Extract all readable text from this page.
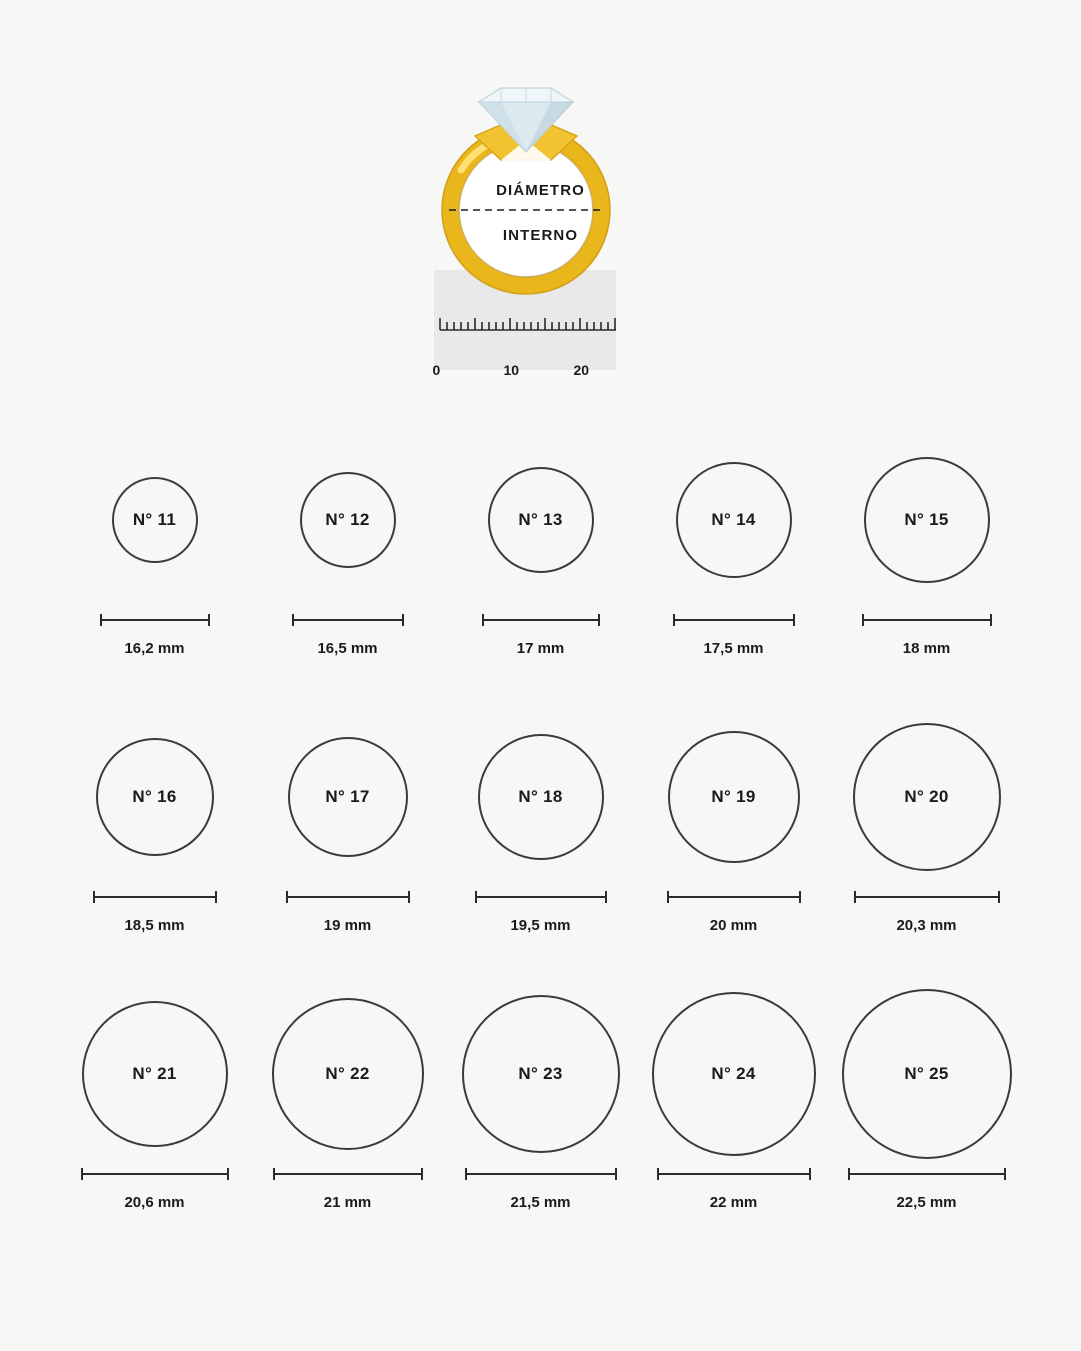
DIÁMETRO
INTERNO
0	10	20
N° 11
16,2 mm
N° 12
16,5 mm
N° 13
17 mm
N° 14
17,5 mm
N° 15
18 mm
N° 16
18,5 mm
N° 17
19 mm
N° 18
19,5 mm
N° 19
20 mm
N° 20
20,3 mm
N° 21
20,6 mm
N° 22
21 mm
N° 23
21,5 mm
N° 24
22 mm
N° 25
22,5 mm
